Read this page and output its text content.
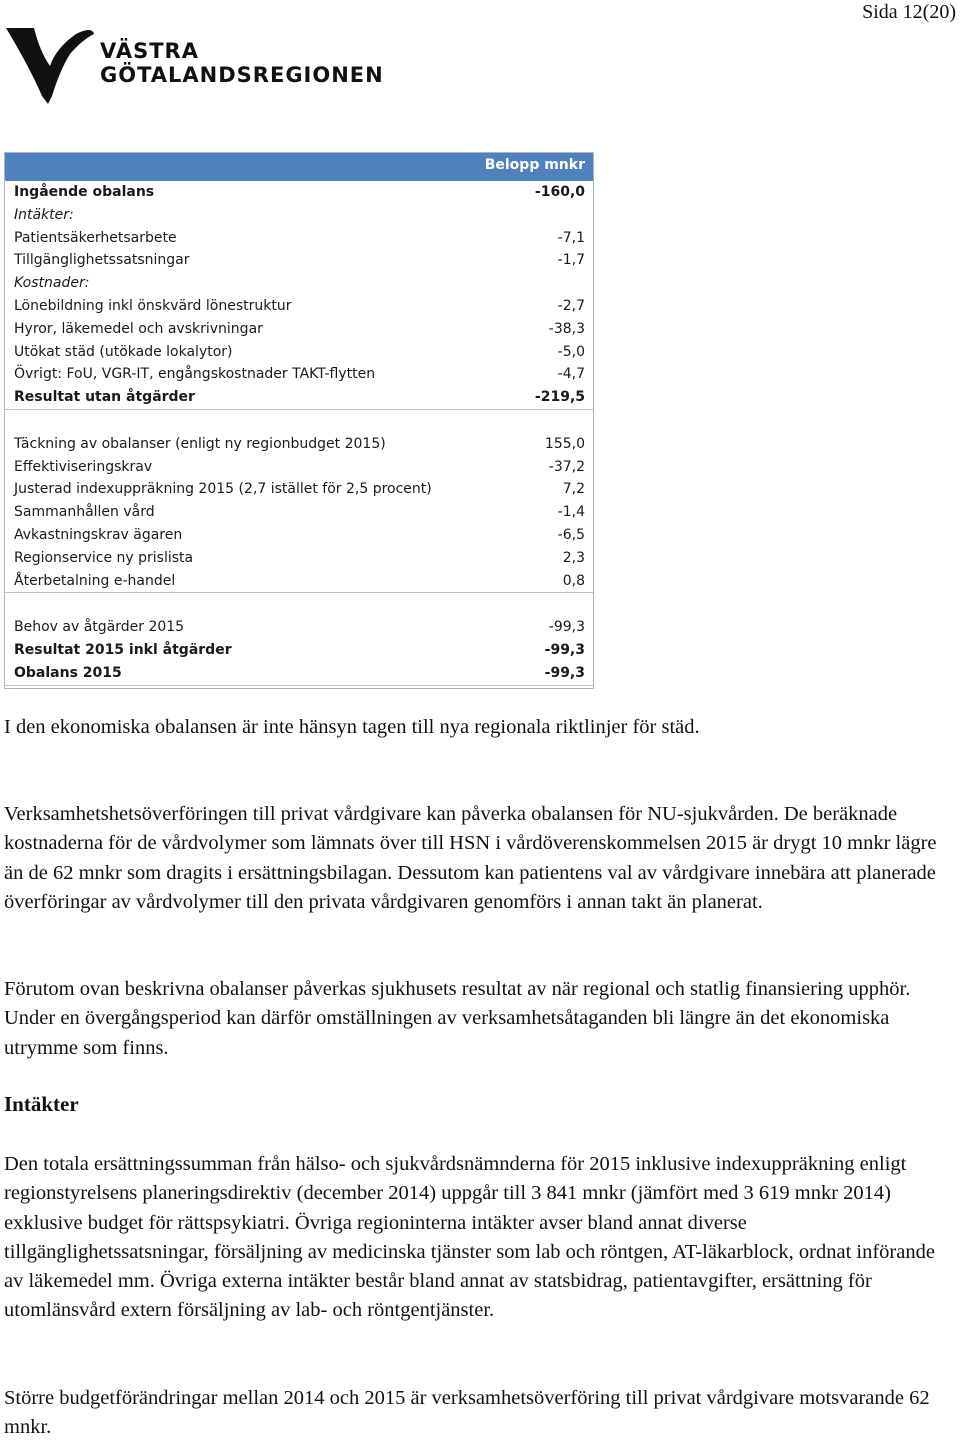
Sida 12(20)
VÄSTRA
GÖTALANDSREGIONEN
Belopp mnkr
Ingående obalans	-160,0
Intäkter:
Patientsäkerhetsarbete	-7,1
Tillgänglighetssatsningar	-1,7
Kostnader:
Lönebildning inkl önskvärd lönestruktur	-2,7
Hyror, läkemedel och avskrivningar	-38,3
Utökat städ (utökade lokalytor)	-5,0
Övrigt: FoU, VGR-IT, engångskostnader TAKT-flytten	-4,7
Resultat utan åtgärder	-219,5
Täckning av obalanser (enligt ny regionbudget 2015)	155,0
Effektiviseringskrav	-37,2
Justerad indexuppräkning 2015 (2,7 istället för 2,5 procent)	7,2
Sammanhållen vård	-1,4
Avkastningskrav ägaren	-6,5
Regionservice ny prislista	2,3
Återbetalning e-handel	0,8
Behov av åtgärder 2015	-99,3
Resultat 2015 inkl åtgärder	-99,3
Obalans 2015	-99,3

I den ekonomiska obalansen är inte hänsyn tagen till nya regionala riktlinjer för städ.

Verksamhetshetsöverföringen till privat vårdgivare kan påverka obalansen för NU-sjukvården. De beräknade kostnaderna för de vårdvolymer som lämnats över till HSN i vårdöverenskommelsen 2015 är drygt 10 mnkr lägre än de 62 mnkr som dragits i ersättningsbilagan. Dessutom kan patientens val av vårdgivare innebära att planerade överföringar av vårdvolymer till den privata vårdgivaren genomförs i annan takt än planerat.

Förutom ovan beskrivna obalanser påverkas sjukhusets resultat av när regional och statlig finansiering upphör. Under en övergångsperiod kan därför omställningen av verksamhetsåtaganden bli längre än det ekonomiska utrymme som finns.

Intäkter

Den totala ersättningssumman från hälso- och sjukvårdsnämnderna för 2015 inklusive indexuppräkning enligt regionstyrelsens planeringsdirektiv (december 2014) uppgår till 3 841 mnkr (jämfört med 3 619 mnkr 2014) exklusive budget för rättspsykiatri. Övriga regioninterna intäkter avser bland annat diverse tillgänglighetssatsningar, försäljning av medicinska tjänster som lab och röntgen, AT-läkarblock, ordnat införande av läkemedel mm. Övriga externa intäkter består bland annat av statsbidrag, patientavgifter, ersättning för utomlänsvård extern försäljning av lab- och röntgentjänster.

Större budgetförändringar mellan 2014 och 2015 är verksamhetsöverföring till privat vårdgivare motsvarande 62 mnkr.
